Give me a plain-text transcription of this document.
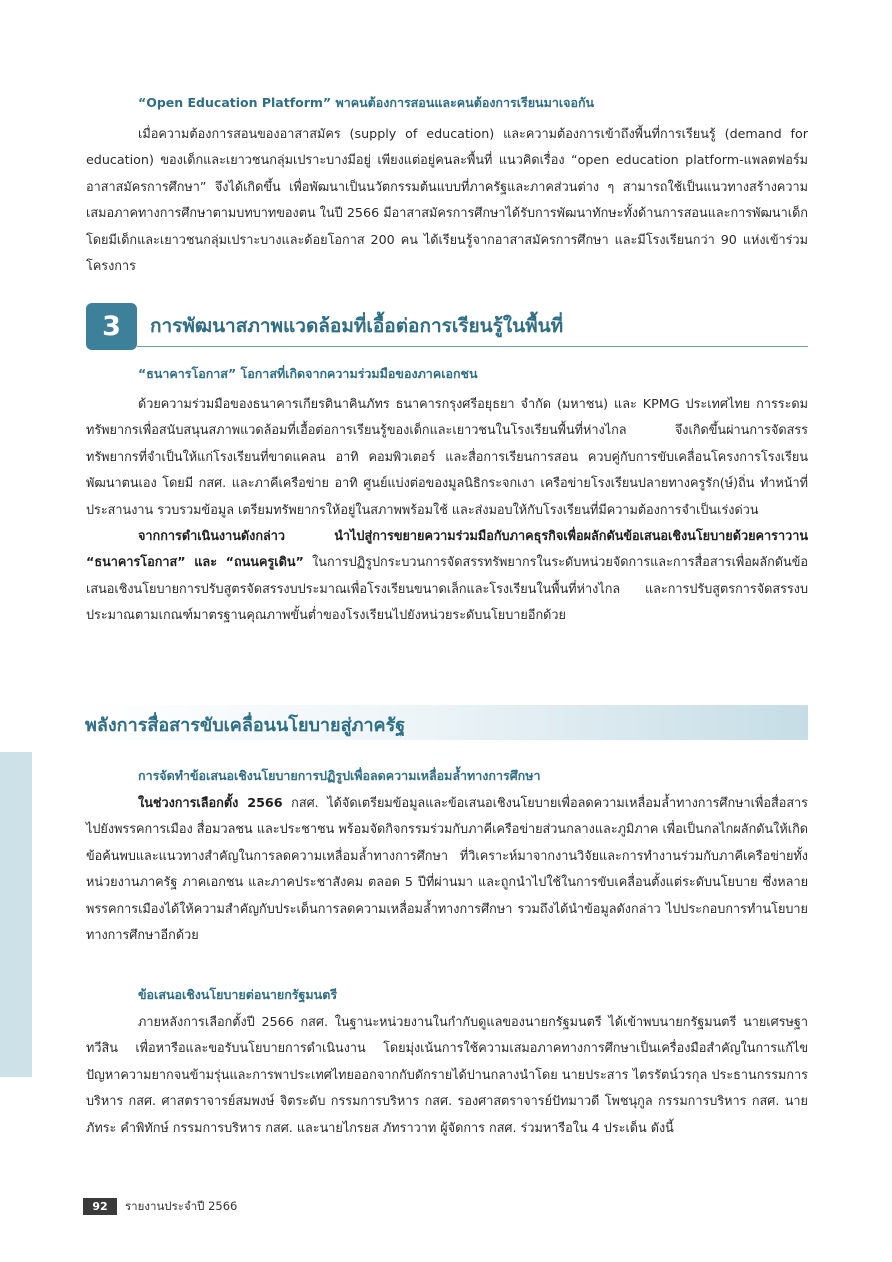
“Open Education Platform” พาคนต้องการสอนและคนต้องการเรียนมาเจอกัน

เมื่อความต้องการสอนของอาสาสมัคร (supply of education) และความต้องการเข้าถึงพื้นที่การเรียนรู้ (demand for education) ของเด็กและเยาวชนกลุ่มเปราะบางมีอยู่ เพียงแต่อยู่คนละพื้นที่ แนวคิดเรื่อง “open education platform-แพลตฟอร์มอาสาสมัครการศึกษา” จึงได้เกิดขึ้น เพื่อพัฒนาเป็นนวัตกรรมต้นแบบที่ภาครัฐและภาคส่วนต่าง ๆ สามารถใช้เป็นแนวทางสร้างความเสมอภาคทางการศึกษาตามบทบาทของตน ในปี 2566 มีอาสาสมัครการศึกษาได้รับการพัฒนาทักษะทั้งด้านการสอนและการพัฒนาเด็ก โดยมีเด็กและเยาวชนกลุ่มเปราะบางและด้อยโอกาส 200 คน ได้เรียนรู้จากอาสาสมัครการศึกษา และมีโรงเรียนกว่า 90 แห่งเข้าร่วมโครงการ

3	การพัฒนาสภาพแวดล้อมที่เอื้อต่อการเรียนรู้ในพื้นที่
“ธนาคารโอกาส” โอกาสที่เกิดจากความร่วมมือของภาคเอกชน

ด้วยความร่วมมือของธนาคารเกียรตินาคินภัทร ธนาคารกรุงศรีอยุธยา จำกัด (มหาชน) และ KPMG ประเทศไทย การระดมทรัพยากรเพื่อสนับสนุนสภาพแวดล้อมที่เอื้อต่อการเรียนรู้ของเด็กและเยาวชนในโรงเรียนพื้นที่ห่างไกล จึงเกิดขึ้นผ่านการจัดสรรทรัพยากรที่จำเป็นให้แก่โรงเรียนที่ขาดแคลน อาทิ คอมพิวเตอร์ และสื่อการเรียนการสอน ควบคู่กับการขับเคลื่อนโครงการโรงเรียนพัฒนาตนเอง โดยมี กสศ. และภาคีเครือข่าย อาทิ ศูนย์แบ่งต่อของมูลนิธิกระจกเงา เครือข่ายโรงเรียนปลายทางครูรัก(ษ์)ถิ่น ทำหน้าที่ประสานงาน รวบรวมข้อมูล เตรียมทรัพยากรให้อยู่ในสภาพพร้อมใช้ และส่งมอบให้กับโรงเรียนที่มีความต้องการจำเป็นเร่งด่วน

จากการดำเนินงานดังกล่าว นำไปสู่การขยายความร่วมมือกับภาคธุรกิจเพื่อผลักดันข้อเสนอเชิงนโยบายด้วยคาราวาน “ธนาคารโอกาส” และ “ถนนครูเดิน” ในการปฏิรูปกระบวนการจัดสรรทรัพยากรในระดับหน่วยจัดการและการสื่อสารเพื่อผลักดันข้อเสนอเชิงนโยบายการปรับสูตรจัดสรรงบประมาณเพื่อโรงเรียนขนาดเล็กและโรงเรียนในพื้นที่ห่างไกล และการปรับสูตรการจัดสรรงบประมาณตามเกณฑ์มาตรฐานคุณภาพขั้นต่ำของโรงเรียนไปยังหน่วยระดับนโยบายอีกด้วย

พลังการสื่อสารขับเคลื่อนนโยบายสู่ภาครัฐ
การจัดทำข้อเสนอเชิงนโยบายการปฏิรูปเพื่อลดความเหลื่อมล้ำทางการศึกษา

ในช่วงการเลือกตั้ง 2566 กสศ. ได้จัดเตรียมข้อมูลและข้อเสนอเชิงนโยบายเพื่อลดความเหลื่อมล้ำทางการศึกษาเพื่อสื่อสารไปยังพรรคการเมือง สื่อมวลชน และประชาชน พร้อมจัดกิจกรรมร่วมกับภาคีเครือข่ายส่วนกลางและภูมิภาค เพื่อเป็นกลไกผลักดันให้เกิดข้อค้นพบและแนวทางสำคัญในการลดความเหลื่อมล้ำทางการศึกษา ที่วิเคราะห์มาจากงานวิจัยและการทำงานร่วมกับภาคีเครือข่ายทั้งหน่วยงานภาครัฐ ภาคเอกชน และภาคประชาสังคม ตลอด 5 ปีที่ผ่านมา และถูกนำไปใช้ในการขับเคลื่อนตั้งแต่ระดับนโยบาย ซึ่งหลายพรรคการเมืองได้ให้ความสำคัญกับประเด็นการลดความเหลื่อมล้ำทางการศึกษา รวมถึงได้นำข้อมูลดังกล่าว ไปประกอบการทำนโยบายทางการศึกษาอีกด้วย

ข้อเสนอเชิงนโยบายต่อนายกรัฐมนตรี

ภายหลังการเลือกตั้งปี 2566 กสศ. ในฐานะหน่วยงานในกำกับดูแลของนายกรัฐมนตรี ได้เข้าพบนายกรัฐมนตรี นายเศรษฐา ทวีสิน เพื่อหารือและขอรับนโยบายการดำเนินงาน โดยมุ่งเน้นการใช้ความเสมอภาคทางการศึกษาเป็นเครื่องมือสำคัญในการแก้ไขปัญหาความยากจนข้ามรุ่นและการพาประเทศไทยออกจากกับดักรายได้ปานกลางนำโดย นายประสาร ไตรรัตน์วรกุล ประธานกรรมการบริหาร กสศ. ศาสตราจารย์สมพงษ์ จิตระดับ กรรมการบริหาร กสศ. รองศาสตราจารย์ปัทมาวดี โพชนุกูล กรรมการบริหาร กสศ. นายภัทระ คำพิทักษ์ กรรมการบริหาร กสศ. และนายไกรยส ภัทราวาท ผู้จัดการ กสศ. ร่วมหารือใน 4 ประเด็น ดังนี้

92 รายงานประจำปี 2566
